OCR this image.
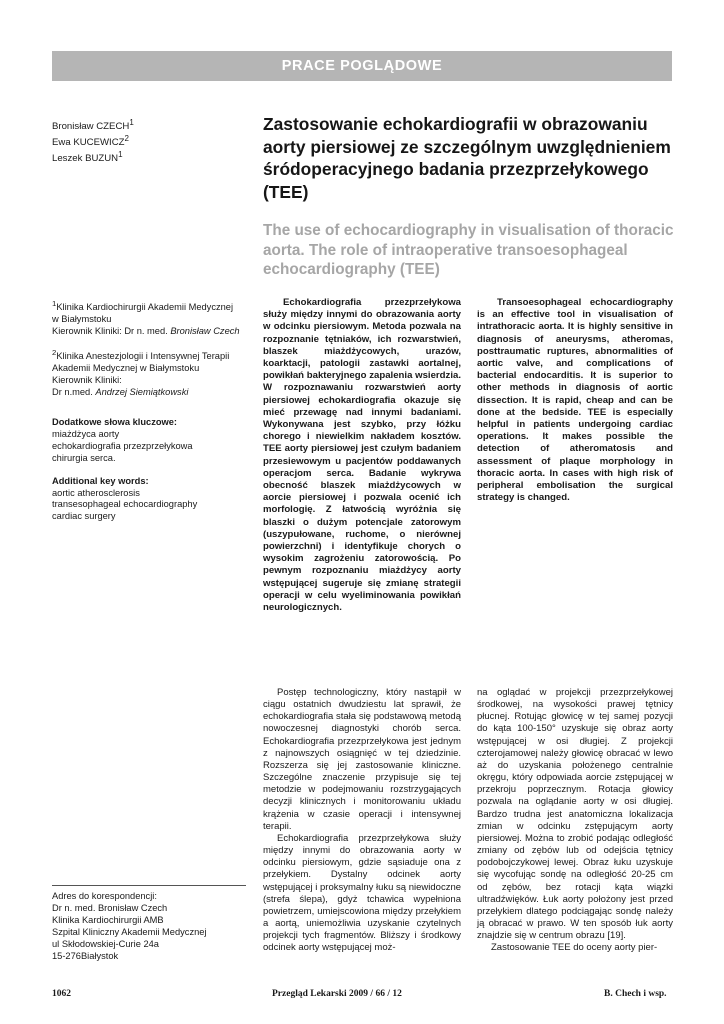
PRACE POGLĄDOWE
Bronisław CZECH$^1$
Ewa KUCEWICZ$^2$
Leszek BUZUN$^1$
Zastosowanie echokardiografii w obrazowaniu aorty piersiowej ze szczególnym uwzględnieniem śródoperacyjnego badania przezprzełykowego (TEE)
The use of echocardiography in visualisation of thoracic aorta. The role of intraoperative transoesophageal echocardiography (TEE)
$^1$Klinika Kardiochirurgii Akademii Medycznej
w Białymstoku
Kierownik Kliniki: Dr n. med. Bronisław Czech
$^2$Klinika Anestezjologii i Intensywnej Terapii
Akademii Medycznej w Białymstoku
Kierownik Kliniki:
Dr n.med. Andrzej Siemiątkowski
Dodatkowe słowa kluczowe:
miażdżyca aorty
echokardiografia przezprzełykowa
chirurgia serca.
Additional key words:
aortic atherosclerosis
transesophageal echocardiography
cardiac surgery

Echokardiografia przezprzełykowa służy między innymi do obrazowania aorty w odcinku piersiowym. Metoda pozwala na rozpoznanie tętniaków, ich rozwarstwień, blaszek miażdżycowych, urazów, koarktacji, patologii zastawki aortalnej, powikłań bakteryjnego zapalenia wsierdzia. W rozpoznawaniu rozwarstwień aorty piersiowej echokardiografia okazuje się mieć przewagę nad innymi badaniami. Wykonywana jest szybko, przy łóżku chorego i niewielkim nakładem kosztów. TEE aorty piersiowej jest czułym badaniem przesiewowym u pacjentów poddawanych operacjom serca. Badanie wykrywa obecność blaszek miażdżycowych w aorcie piersiowej i pozwala ocenić ich morfologię. Z łatwością wyróżnia się blaszki o dużym potencjale zatorowym (uszypułowane, ruchome, o nierównej powierzchni) i identyfikuje chorych o wysokim zagrożeniu zatorowością. Po pewnym rozpoznaniu miażdżycy aorty wstępującej sugeruje się zmianę strategii operacji w celu wyeliminowania powikłań neurologicznych.

Transoesophageal echocardiography is an effective tool in visualisation of intrathoracic aorta. It is highly sensitive in diagnosis of aneurysms, atheromas, posttraumatic ruptures, abnormalities of aortic valve, and complications of bacterial endocarditis. It is superior to other methods in diagnosis of aortic dissection. It is rapid, cheap and can be done at the bedside. TEE is especially helpful in patients undergoing cardiac operations. It makes possible the detection of atheromatosis and assessment of plaque morphology in thoracic aorta. In cases with high risk of peripheral embolisation the surgical strategy is changed.

Adres do korespondencji:
Dr n. med. Bronisław Czech
Klinika Kardiochirurgii AMB
Szpital Kliniczny Akademii Medycznej
ul Skłodowskiej-Curie 24a
15-276Białystok

Postęp technologiczny, który nastąpił w ciągu ostatnich dwudziestu lat sprawił, że echokardiografia stała się podstawową metodą nowoczesnej diagnostyki chorób serca. Echokardiografia przezprzełykowa jest jednym z najnowszych osiągnięć w tej dziedzinie. Rozszerza się jej zastosowanie kliniczne. Szczególne znaczenie przypisuje się tej metodzie w podejmowaniu rozstrzygających decyzji klinicznych i monitorowaniu układu krążenia w czasie operacji i intensywnej terapii.

Echokardiografia przezprzełykowa służy między innymi do obrazowania aorty w odcinku piersiowym, gdzie sąsiaduje ona z przełykiem. Dystalny odcinek aorty wstępującej i proksymalny łuku są niewidoczne (strefa ślepa), gdyż tchawica wypełniona powietrzem, umiejscowiona między przełykiem a aortą, uniemożliwia uzyskanie czytelnych projekcji tych fragmentów. Bliższy i środkowy odcinek aorty wstępującej moż-

na oglądać w projekcji przezprzełykowej środkowej, na wysokości prawej tętnicy płucnej. Rotując głowicę w tej samej pozycji do kąta 100-150° uzyskuje się obraz aorty wstępującej w osi długiej. Z projekcji czterojamowej należy głowicę obracać w lewo aż do uzyskania położenego centralnie okręgu, który odpowiada aorcie zstępującej w przekroju poprzecznym. Rotacja głowicy pozwala na oglądanie aorty w osi długiej. Bardzo trudna jest anatomiczna lokalizacja zmian w odcinku zstępującym aorty piersiowej. Można to zrobić podając odległość zmiany od zębów lub od odejścia tętnicy podobojczykowej lewej. Obraz łuku uzyskuje się wycofując sondę na odległość 20-25 cm od zębów, bez rotacji kąta wiązki ultradźwięków. Łuk aorty położony jest przed przełykiem dlatego podciągając sondę należy ją obracać w prawo. W ten sposób łuk aorty znajdzie się w centrum obrazu [19].

Zastosowanie TEE do oceny aorty pier-

1062	Przegląd Lekarski 2009 / 66 / 12	B. Chech i wsp.
